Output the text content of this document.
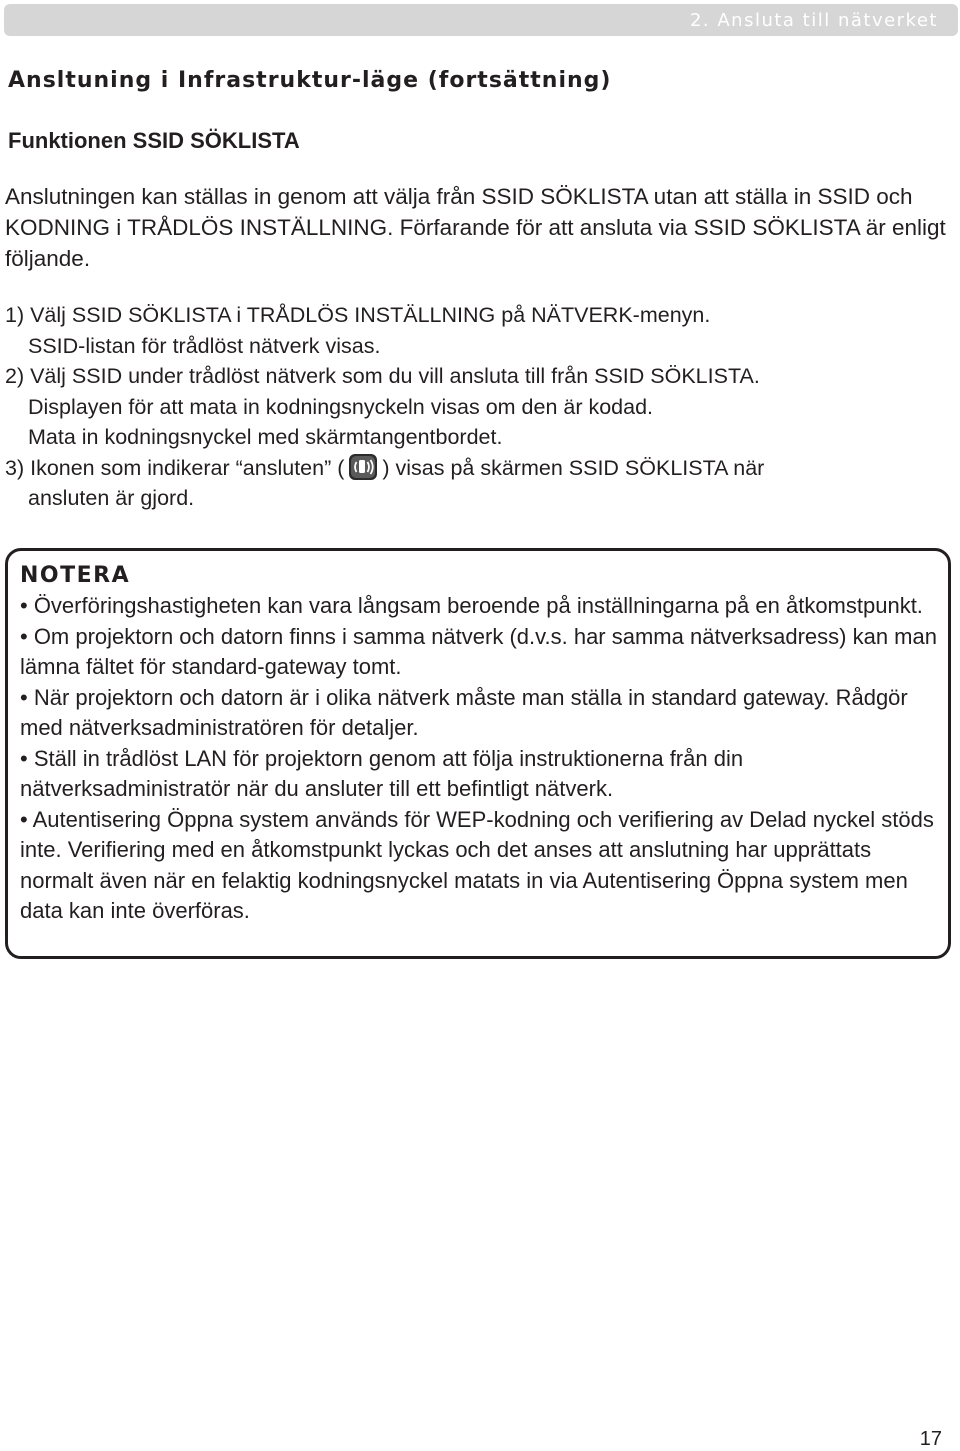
2. Ansluta till nätverket
Ansltuning i Infrastruktur-läge (fortsättning)
Funktionen SSID SÖKLISTA

Anslutningen kan ställas in genom att välja från SSID SÖKLISTA utan att ställa in SSID och KODNING i TRÅDLÖS INSTÄLLNING. Förfarande för att ansluta via SSID SÖKLISTA är enligt följande.

1) Välj SSID SÖKLISTA i TRÅDLÖS INSTÄLLNING på NÄTVERK-menyn.
SSID-listan för trådlöst nätverk visas.
2) Välj SSID under trådlöst nätverk som du vill ansluta till från SSID SÖKLISTA.
Displayen för att mata in kodningsnyckeln visas om den är kodad.
Mata in kodningsnyckel med skärmtangentbordet.
3) Ikonen som indikerar “ansluten” ( ) visas på skärmen SSID SÖKLISTA när
ansluten är gjord.
NOTERA
• Överföringshastigheten kan vara långsam beroende på inställningarna på en åtkomstpunkt.
• Om projektorn och datorn finns i samma nätverk (d.v.s. har samma nätverksadress) kan man lämna fältet för standard-gateway tomt.
• När projektorn och datorn är i olika nätverk måste man ställa in standard gateway. Rådgör med nätverksadministratören för detaljer.
• Ställ in trådlöst LAN för projektorn genom att följa instruktionerna från din nätverksadministratör när du ansluter till ett befintligt nätverk.
• Autentisering Öppna system används för WEP-kodning och verifiering av Delad nyckel stöds inte. Verifiering med en åtkomstpunkt lyckas och det anses att anslutning har upprättats normalt även när en felaktig kodningsnyckel matats in via Autentisering Öppna system men data kan inte överföras.
17
